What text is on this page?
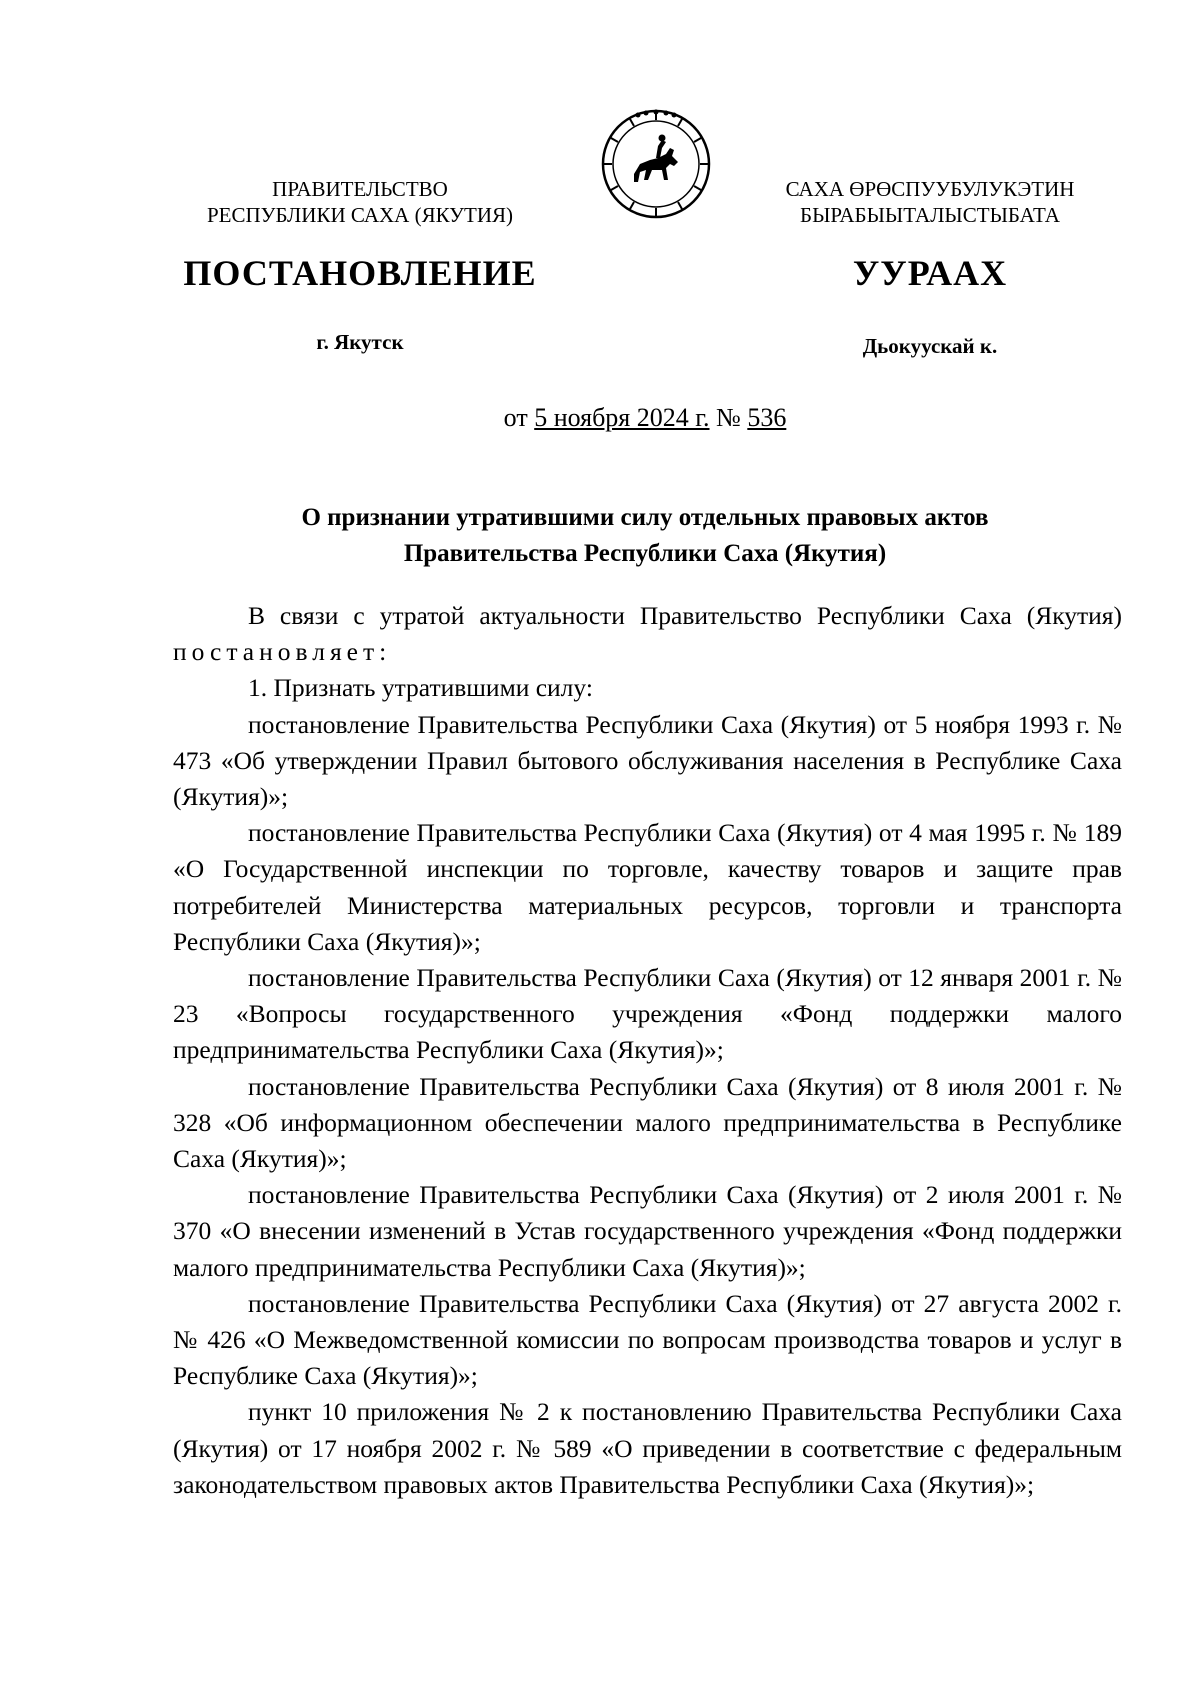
ПРАВИТЕЛЬСТВО
РЕСПУБЛИКИ САХА (ЯКУТИЯ)
САХА ӨРӨСПУУБУЛУКЭТИН
БЫРАБЫЫТАЛЫСТЫБАТА
ПОСТАНОВЛЕНИЕ	УУРААХ
г. Якутск	Дьокуускай к.
от 5 ноября 2024 г. № 536
О признании утратившими силу отдельных правовых актов
Правительства Республики Саха (Якутия)

В связи с утратой актуальности Правительство Республики Саха (Якутия) постановляет:

1. Признать утратившими силу:

постановление Правительства Республики Саха (Якутия) от 5 ноября 1993 г. № 473 «Об утверждении Правил бытового обслуживания населения в Республике Саха (Якутия)»;

постановление Правительства Республики Саха (Якутия) от 4 мая 1995 г. № 189 «О Государственной инспекции по торговле, качеству товаров и защите прав потребителей Министерства материальных ресурсов, торговли и транспорта Республики Саха (Якутия)»;

постановление Правительства Республики Саха (Якутия) от 12 января 2001 г. № 23 «Вопросы государственного учреждения «Фонд поддержки малого предпринимательства Республики Саха (Якутия)»;

постановление Правительства Республики Саха (Якутия) от 8 июля 2001 г. № 328 «Об информационном обеспечении малого предпринимательства в Республике Саха (Якутия)»;

постановление Правительства Республики Саха (Якутия) от 2 июля 2001 г. № 370 «О внесении изменений в Устав государственного учреждения «Фонд поддержки малого предпринимательства Республики Саха (Якутия)»;

постановление Правительства Республики Саха (Якутия) от 27 августа 2002 г. № 426 «О Межведомственной комиссии по вопросам производства товаров и услуг в Республике Саха (Якутия)»;

пункт 10 приложения № 2 к постановлению Правительства Республики Саха (Якутия) от 17 ноября 2002 г. № 589 «О приведении в соответствие с федеральным законодательством правовых актов Правительства Республики Саха (Якутия)»;
